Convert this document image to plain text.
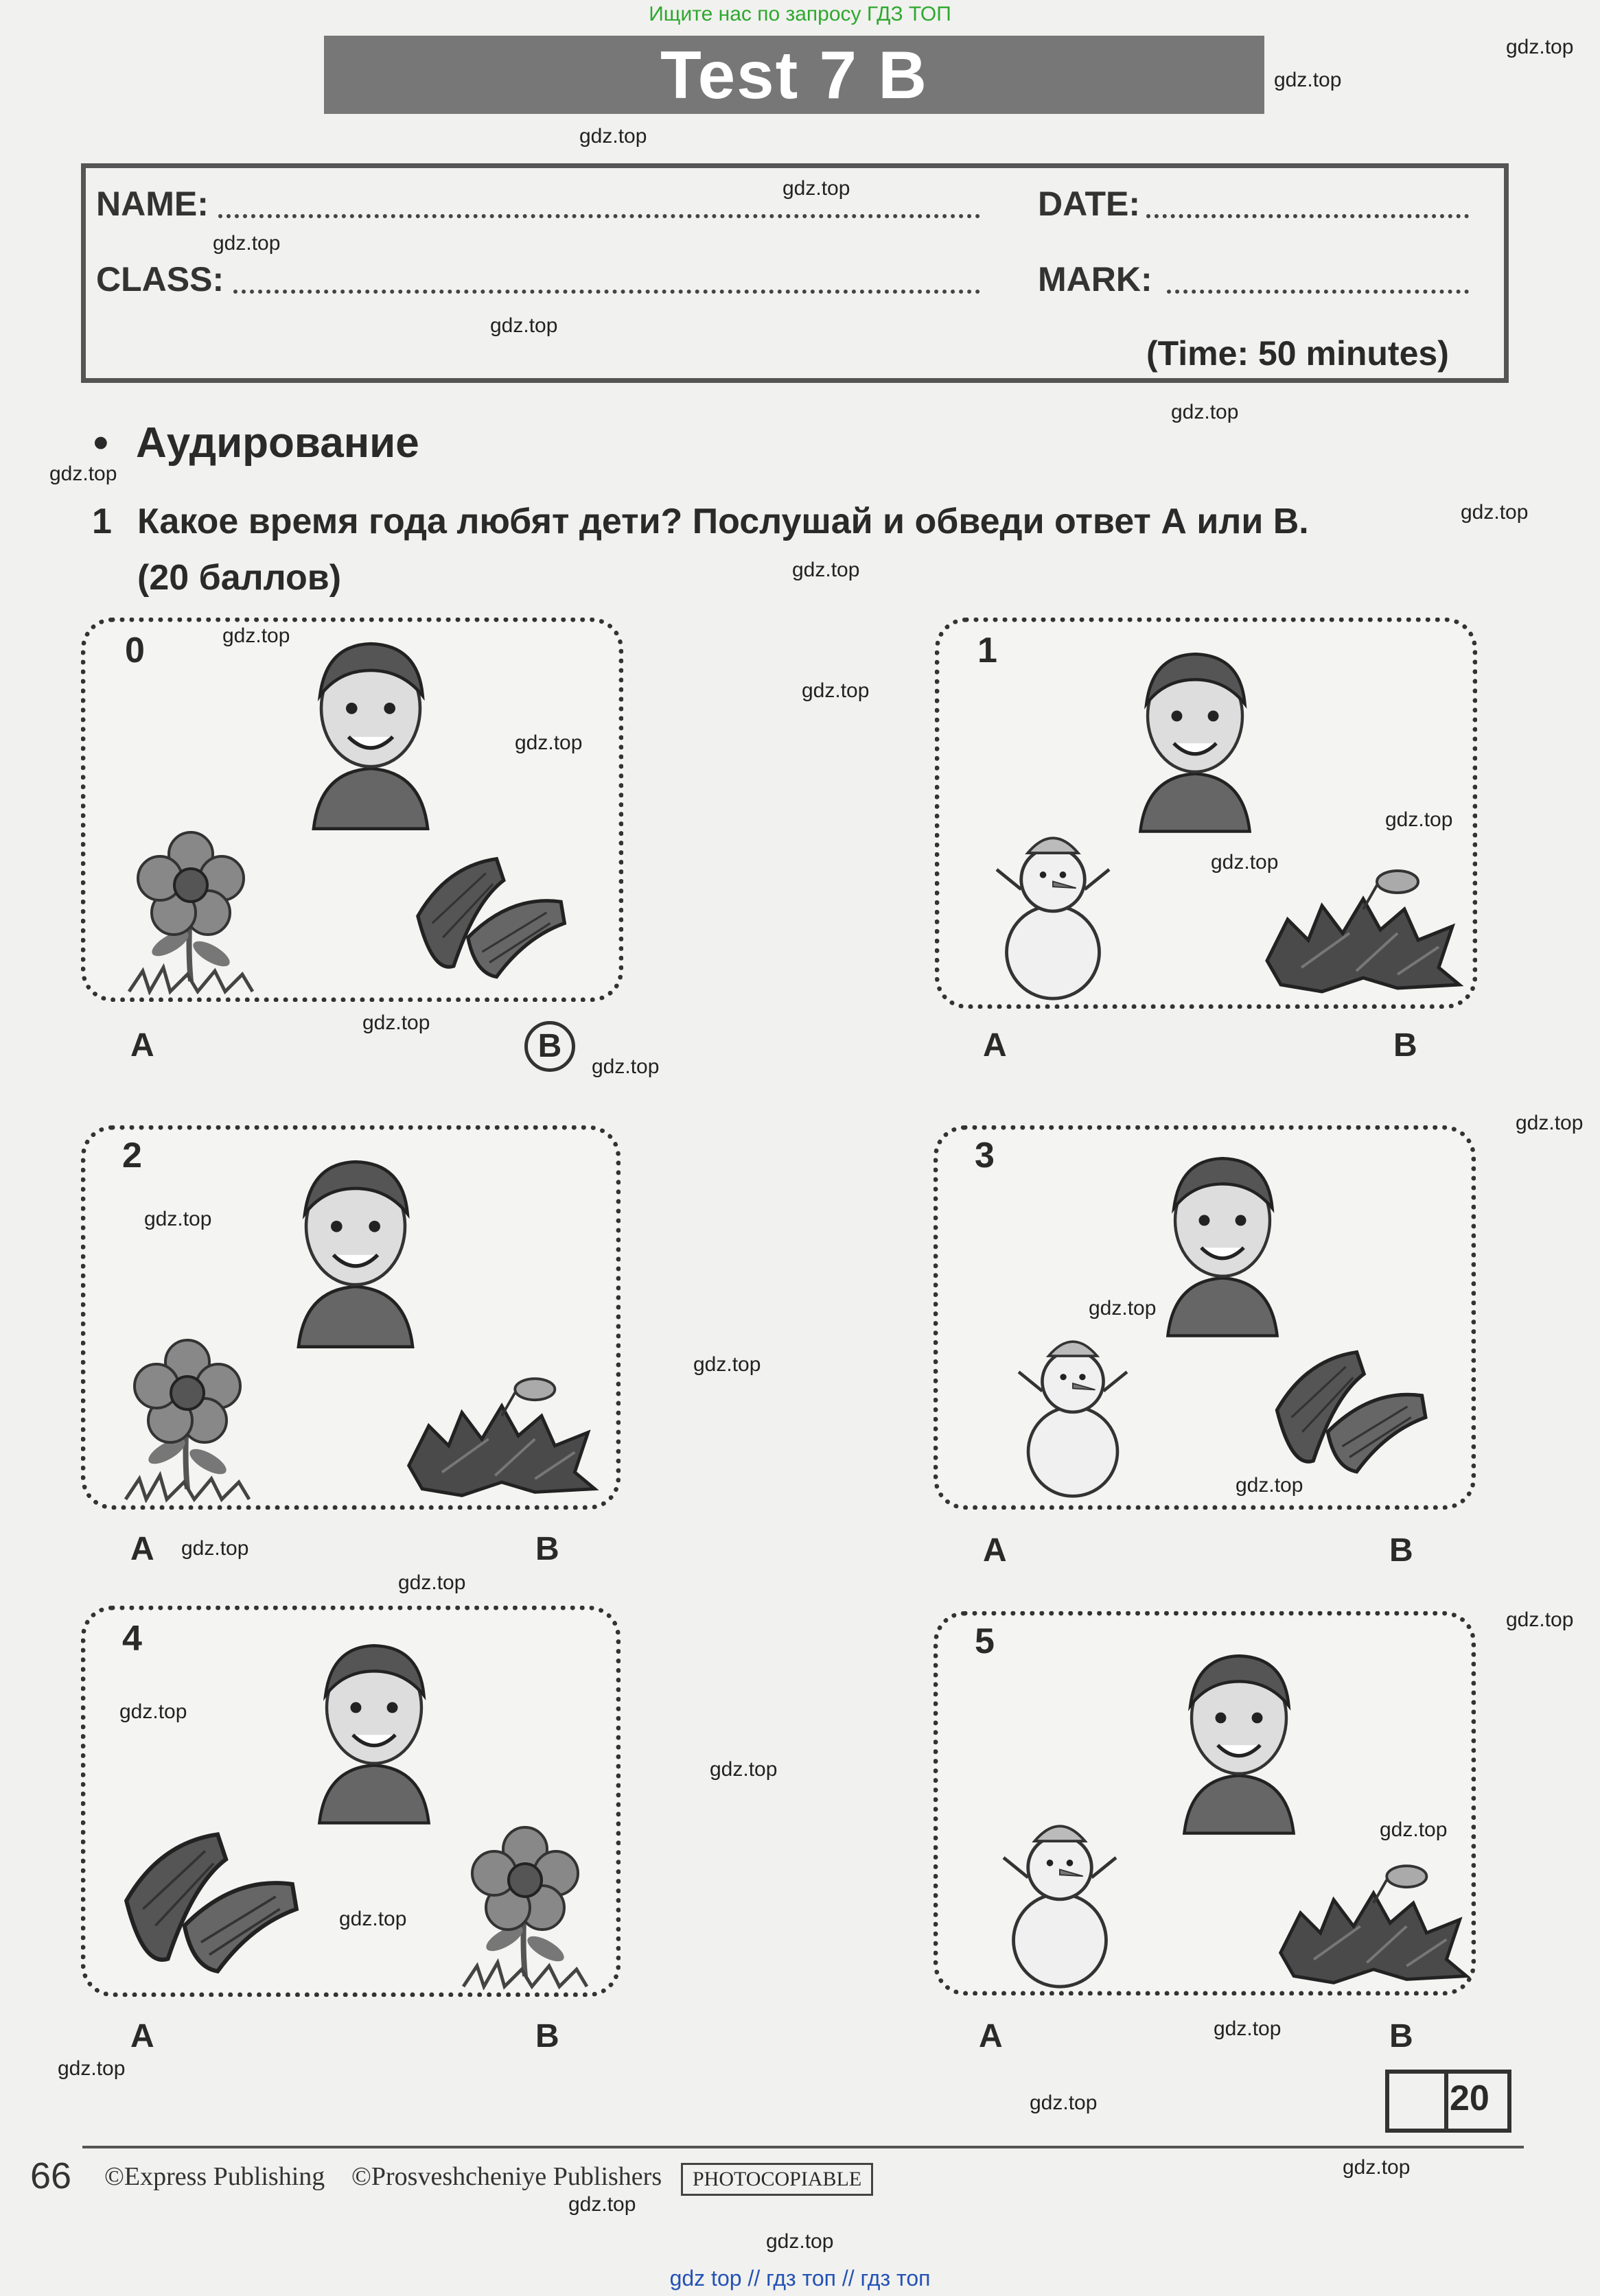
Ищите нас по запросу ГДЗ ТОП
Test 7 B
NAME:	DATE:
CLASS:	MARK:
(Time: 50 minutes)
• Аудирование
1 Какое время года любят дети? Послушай и обведи ответ А или В.
(20 баллов)
0
A	B
1
A	B
2
A	B
3
A	B
4
A	B
5
A	B
20
66 ©Express Publishing ©Prosveshcheniye Publishers	PHOTOCOPIABLE
gdz.top
gdz.top
gdz.top
gdz.top
gdz.top
gdz.top
gdz.top
gdz.top
gdz.top
gdz.top
gdz.top
gdz.top
gdz.top
gdz.top
gdz.top
gdz.top
gdz.top
gdz.top
gdz.top
gdz.top
gdz.top
gdz.top
gdz.top
gdz.top
gdz.top
gdz.top
gdz.top
gdz.top
gdz.top
gdz.top
gdz.top
gdz.top
gdz.top
gdz.top
gdz.top
gdz top // гдз топ // гдз топ
